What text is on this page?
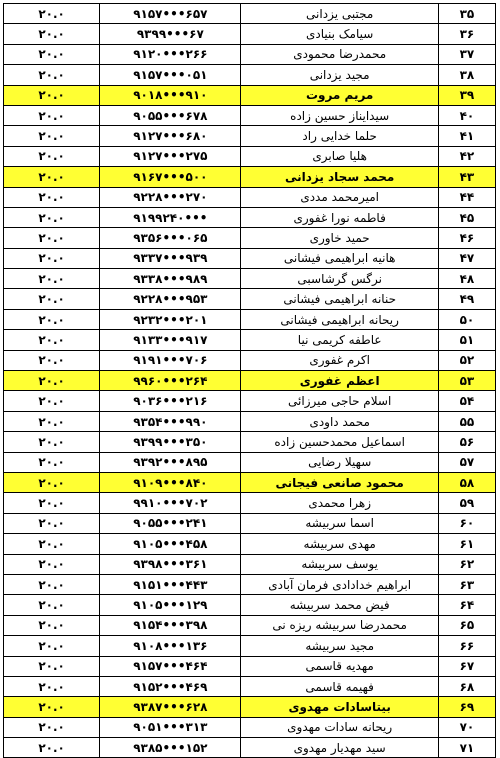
۲۰.۰	۹۱۵۷•••۶۵۷	مجتبی یزدانی	۳۵
۲۰.۰	۹۳۹۹•••۶۷	سیامک بنیادی	۳۶
۲۰.۰	۹۱۲۰•••۲۶۶	محمدرضا محمودی	۳۷
۲۰.۰	۹۱۵۷•••۰۵۱	مجید یزدانی	۳۸
۲۰.۰	۹۰۱۸•••۹۱۰	مریم مروت	۳۹
۲۰.۰	۹۰۵۵•••۶۷۸	سیدایناز حسین زاده	۴۰
۲۰.۰	۹۱۲۷•••۶۸۰	حلما خدایی راد	۴۱
۲۰.۰	۹۱۲۷•••۲۷۵	هلیا صابری	۴۲
۲۰.۰	۹۱۶۷•••۵۰۰	محمد سجاد یزدانی	۴۳
۲۰.۰	۹۲۲۸•••۲۷۰	امیرمحمد مددی	۴۴
۲۰.۰	۹۱۹۹۲۴۰•••	فاطمه نورا غفوری	۴۵
۲۰.۰	۹۳۵۶•••۰۶۵	حمید خاوری	۴۶
۲۰.۰	۹۳۳۷•••۹۳۹	هانیه ابراهیمی فیشانی	۴۷
۲۰.۰	۹۳۳۸•••۹۸۹	نرگس گرشاسبی	۴۸
۲۰.۰	۹۲۲۸•••۹۵۳	حنانه ابراهیمی فیشانی	۴۹
۲۰.۰	۹۲۳۲•••۲۰۱	ریحانه ابراهیمی فیشانی	۵۰
۲۰.۰	۹۱۳۳•••۹۱۷	عاطفه کریمی نیا	۵۱
۲۰.۰	۹۱۹۱•••۷۰۶	اکرم غفوری	۵۲
۲۰.۰	۹۹۶۰•••۲۶۴	اعظم غفوری	۵۳
۲۰.۰	۹۰۳۶•••۲۱۶	اسلام حاجی میرزائی	۵۴
۲۰.۰	۹۳۵۴•••۹۹۰	محمد داودی	۵۵
۲۰.۰	۹۳۹۹•••۳۵۰	اسماعیل محمدحسین زاده	۵۶
۲۰.۰	۹۳۹۲•••۸۹۵	سهیلا رضایی	۵۷
۲۰.۰	۹۱۰۹•••۸۴۰	محمود صانعی فیجانی	۵۸
۲۰.۰	۹۹۱۰•••۷۰۲	زهرا محمدی	۵۹
۲۰.۰	۹۰۵۵•••۲۴۱	اسما سربیشه	۶۰
۲۰.۰	۹۱۰۵•••۴۵۸	مهدی سربیشه	۶۱
۲۰.۰	۹۳۹۸•••۳۶۱	یوسف سربیشه	۶۲
۲۰.۰	۹۱۵۱•••۴۴۳	ابراهیم خدادادی فرمان آبادی	۶۳
۲۰.۰	۹۱۰۵•••۱۲۹	فیض محمد سربیشه	۶۴
۲۰.۰	۹۱۵۴•••۳۹۸	محمدرضا سربیشه ریزه نی	۶۵
۲۰.۰	۹۱۰۸•••۱۳۶	مجید سربیشه	۶۶
۲۰.۰	۹۱۵۷•••۴۶۴	مهدیه قاسمی	۶۷
۲۰.۰	۹۱۵۲•••۴۶۹	فهیمه قاسمی	۶۸
۲۰.۰	۹۳۸۷•••۶۲۸	بیتاسادات مهدوی	۶۹
۲۰.۰	۹۰۵۱•••۳۱۳	ریحانه سادات مهدوی	۷۰
۲۰.۰	۹۳۸۵•••۱۵۲	سید مهدیار مهدوی	۷۱
